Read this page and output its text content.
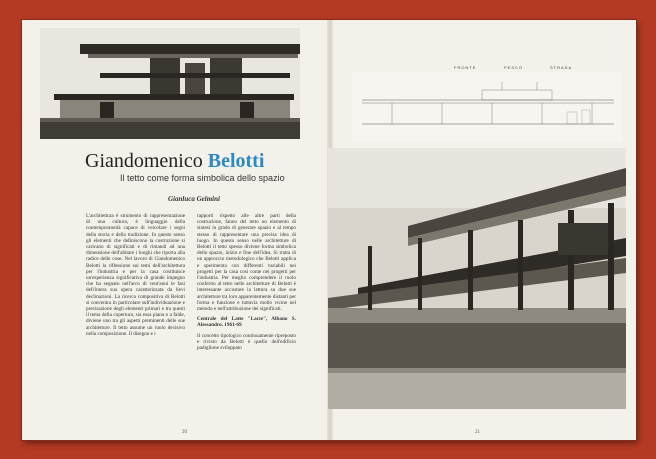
Giandomenico Belotti
Il tetto come forma simbolica dello spazio
Gianluca Gelmini

L'architettura è strumento di rappresentazione di una cultura, è linguaggio della contemporaneità capace di veicolare i segni della storia e della tradizione. In questo senso gli elementi che definiscono la costruzione si caricano di significati e di rimandi ad una dimensione dell'abitare i luoghi che riporta alla radice delle cose. Nel lavoro di Giandomenico Belotti la riflessione sui temi dell'architettura per l'industria e per la casa costituisce un'esperienza significativa di grande impegno che ha segnato nell'arco di vent'anni le fasi dell'intera sua opera caratterizzata da lievi declinazioni. La ricerca compositiva di Belotti si concentra in particolare sull'individuazione e precisazione degli elementi primari e tra questi il tema della copertura, sia essa piana o a falde, diviene uno tra gli aspetti preminenti delle sue architetture. Il tetto assume un ruolo decisivo nella composizione. Il disegno e i

rapporti rispetto alle altre parti della costruzione, fanno del tetto un elemento di sintesi in grado di generare spazio e al tempo stesso di rappresentare una precisa idea di luogo. In questo senso nelle architetture di Belotti il tetto spesso diviene forma simbolica dello spazio, inizio e fine dell'idea. Si tratta di un approccio metodologico che Belotti applica e sperimenta con differenti variabili nei progetti per la casa così come nei progetti per l'industria. Per meglio comprendere il ruolo conferito al tetto nelle architetture di Belotti è interessante accostare la lettura su due sue architetture tra loro apparentemente distanti per forma e funzione e tuttavia molto vicine nel metodo e nell'attribuzione dei significati.

Centrale del Latte "Lacte", Albano S. Alessandro. 1961-69

Il concetto tipologico continuamente ripreposto e rivisto da Belotti è quello dell'edificio padiglione sviluppato

20
FRONTE	PESCO	STRADA
21
